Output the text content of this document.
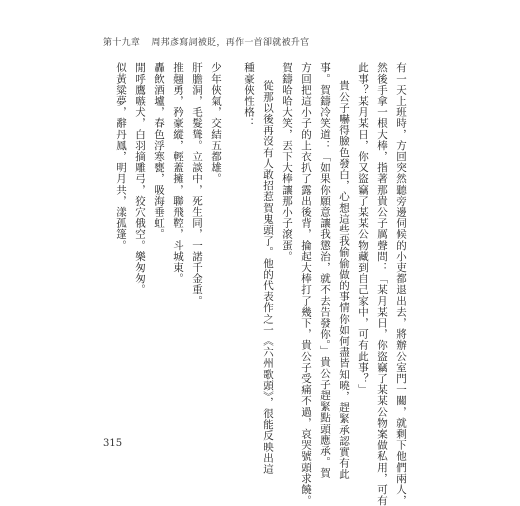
第十九章 周邦彥寫詞被貶，再作一首卻就被升官
有一天上班時，方回突然聽旁邊伺候的小吏都退出去，將辦公室門一關，就剩下他們兩人，
然後手拿一根大棒，指著那貴公子厲聲問：「某月某日，你盜竊了某某公物案做私用，可有
此事？某月某日，你又盜竊了某某公物藏到自己家中，可有此事？」
貴公子嚇得臉色發白，心想這些我偷偷做的事情你如何盡皆知曉，趕緊承認實有此
事。賀鑄冷笑道：「如果你願意讓我懲治，就不去告發你。」貴公子趕緊點頭應承。賀
方回把這小子的上衣扒了露出後背，掄起大棒打了幾下，貴公子受痛不過，哀哭號頭求饒。
賀鑄哈哈大笑，丟下大棒讓那小子滾蛋。
從那以後再沒有人敢招惹賀鬼頭了。他的代表作之一《六州歌頭》，很能反映出這
種豪俠性格：
少年俠氣，交結五都雄。
肝膽洞，毛髮聳。立談中，死生同，一諾千金重。
推翹勇，矜豪縱，輕蓋擁，聯飛鞚，斗城東。
轟飲酒壚，春色浮寒甕，吸海垂虹。
閒呼鷹嗾犬，白羽摘雕弓，狡穴俄空。樂匆匆。
似黃粱夢，辭丹鳳，明月共，漾孤篷。
315
